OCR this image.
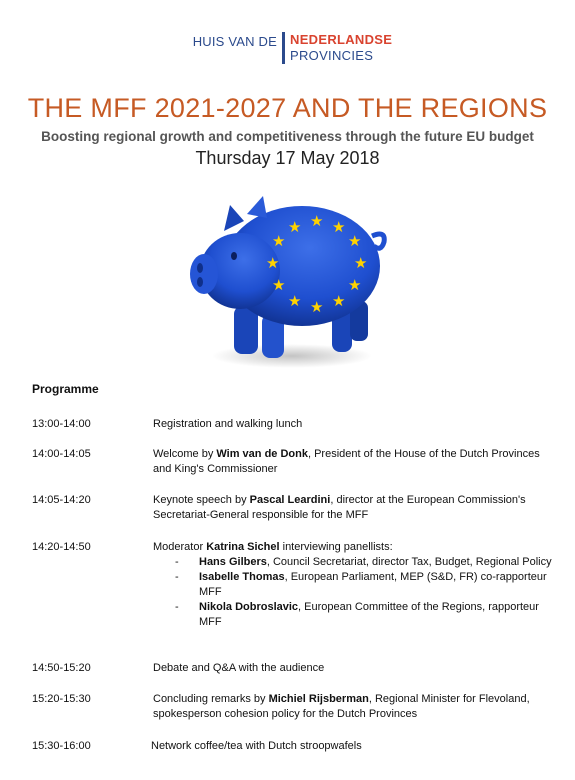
HUIS VAN DE NEDERLANDSE
PROVINCIES
THE MFF 2021-2027 AND THE REGIONS
Boosting regional growth and competitiveness through the future EU budget
Thursday 17 May 2018
★ ★
★
★
★
★
★
★
★
★
★
★
Programme
13:00-14:00	Registration and walking lunch
14:00-14:05	Welcome by Wim van de Donk, President of the House of the Dutch Provinces and King's Commissioner
14:05-14:20	Keynote speech by Pascal Leardini, director at the European Commission's Secretariat-General responsible for the MFF
14:20-14:50	Moderator Katrina Sichel interviewing panellists:
- Hans Gilbers, Council Secretariat, director Tax, Budget, Regional Policy
- Isabelle Thomas, European Parliament, MEP (S&D, FR) co-rapporteur MFF
- Nikola Dobroslavic, European Committee of the Regions, rapporteur MFF
14:50-15:20	Debate and Q&A with the audience
15:20-15:30	Concluding remarks by Michiel Rijsberman, Regional Minister for Flevoland, spokesperson cohesion policy for the Dutch Provinces
15:30-16:00	Network coffee/tea with Dutch stroopwafels
